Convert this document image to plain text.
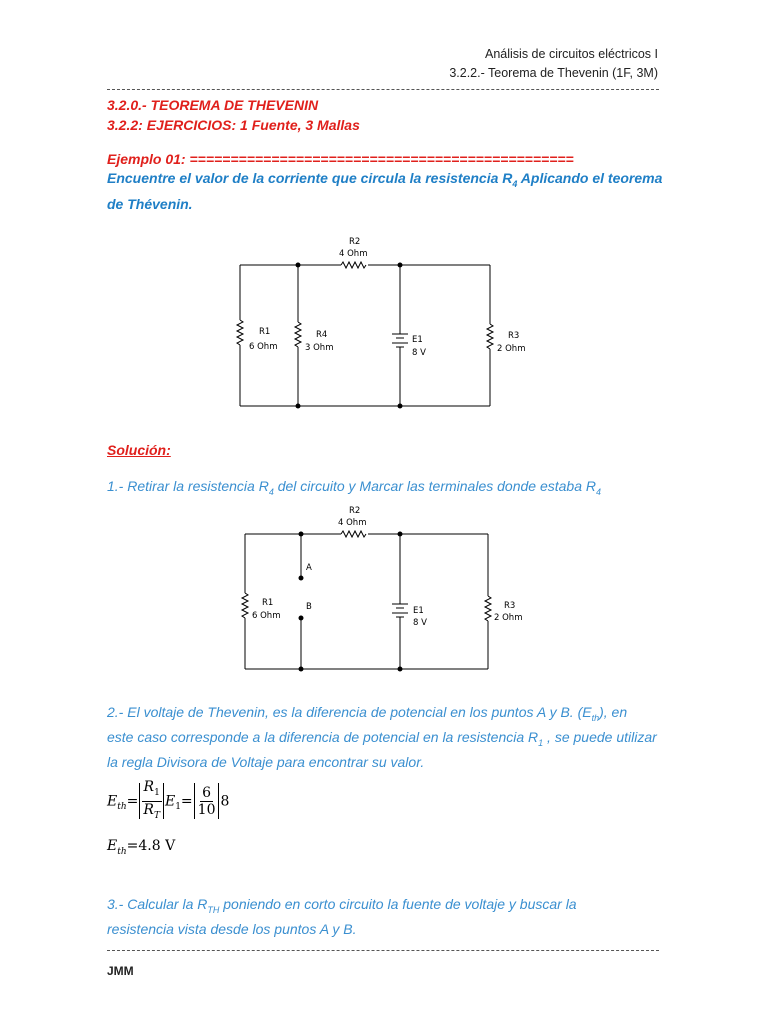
Análisis de circuitos eléctricos I
3.2.2.- Teorema de Thevenin (1F, 3M)
3.2.0.- TEOREMA DE THEVENIN
3.2.2: EJERCICIOS: 1 Fuente, 3 Mallas
Ejemplo 01: ===============================================
Encuentre el valor de la corriente que circula la resistencia $R_4$ Aplicando el teorema de Thévenin.
R2
4 Ohm
R1
6 Ohm
R4
3 Ohm
E1
8 V
R3
2 Ohm
R2
4 Ohm
R1
6 Ohm
A
B	E1
8 V
R3
2 Ohm
Solución:
1.- Retirar la resistencia $R_4$ del circuito y Marcar las terminales donde estaba $R_4$
2.- El voltaje de Thevenin, es la diferencia de potencial en los puntos A y B. $(E_{th})$, en este caso corresponde a la diferencia de potencial en la resistencia $R_1$ , se puede utilizar la regla Divisora de Voltaje para encontrar su valor.
$E_{th}= \frac{R_1}{R_T} E_1= \frac{6}{10} 8$
$E_{th}=4.8$ V
3.- Calcular la $R_{TH}$ poniendo en corto circuito la fuente de voltaje y buscar la resistencia vista desde los puntos A y B.
JMM
